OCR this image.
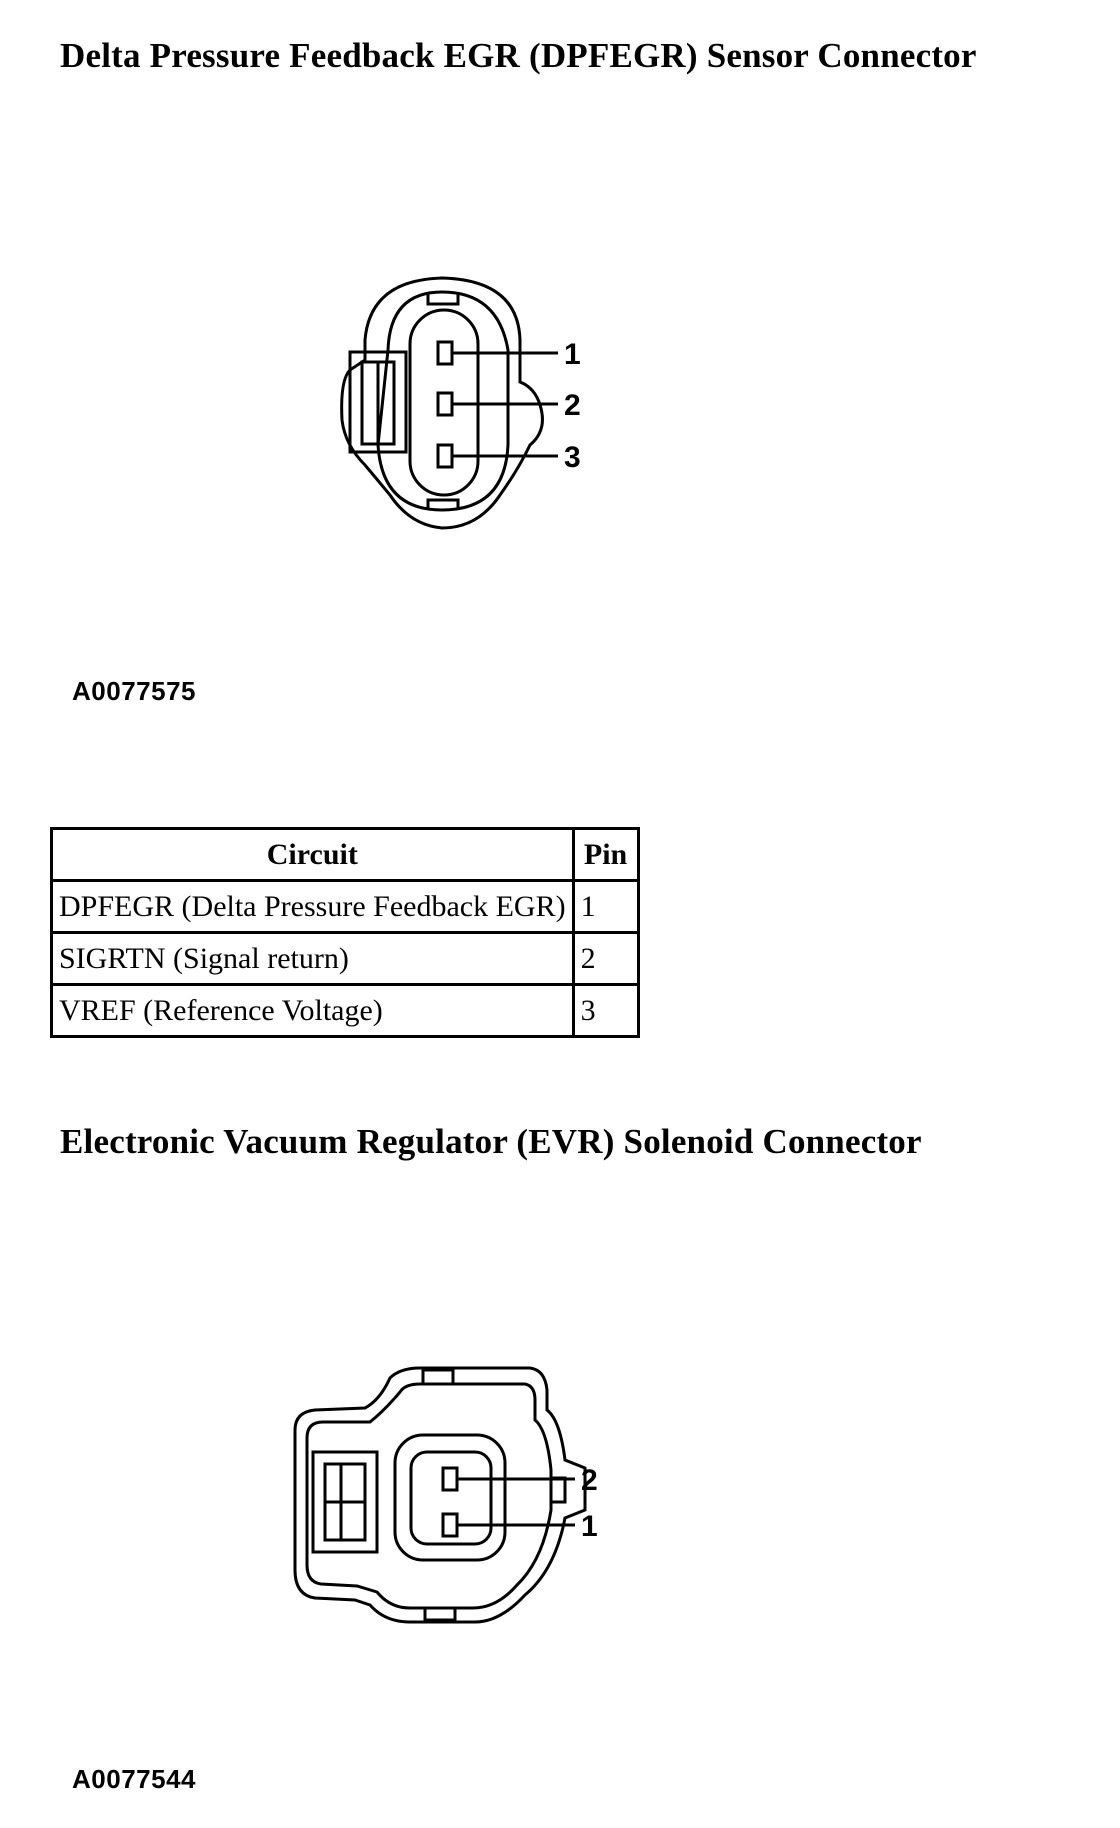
Delta Pressure Feedback EGR (DPFEGR) Sensor Connector
1
2
3
A0077575
Circuit	Pin
DPFEGR (Delta Pressure Feedback EGR)	1
SIGRTN (Signal return)	2
VREF (Reference Voltage)	3
Electronic Vacuum Regulator (EVR) Solenoid Connector
2
1
A0077544
